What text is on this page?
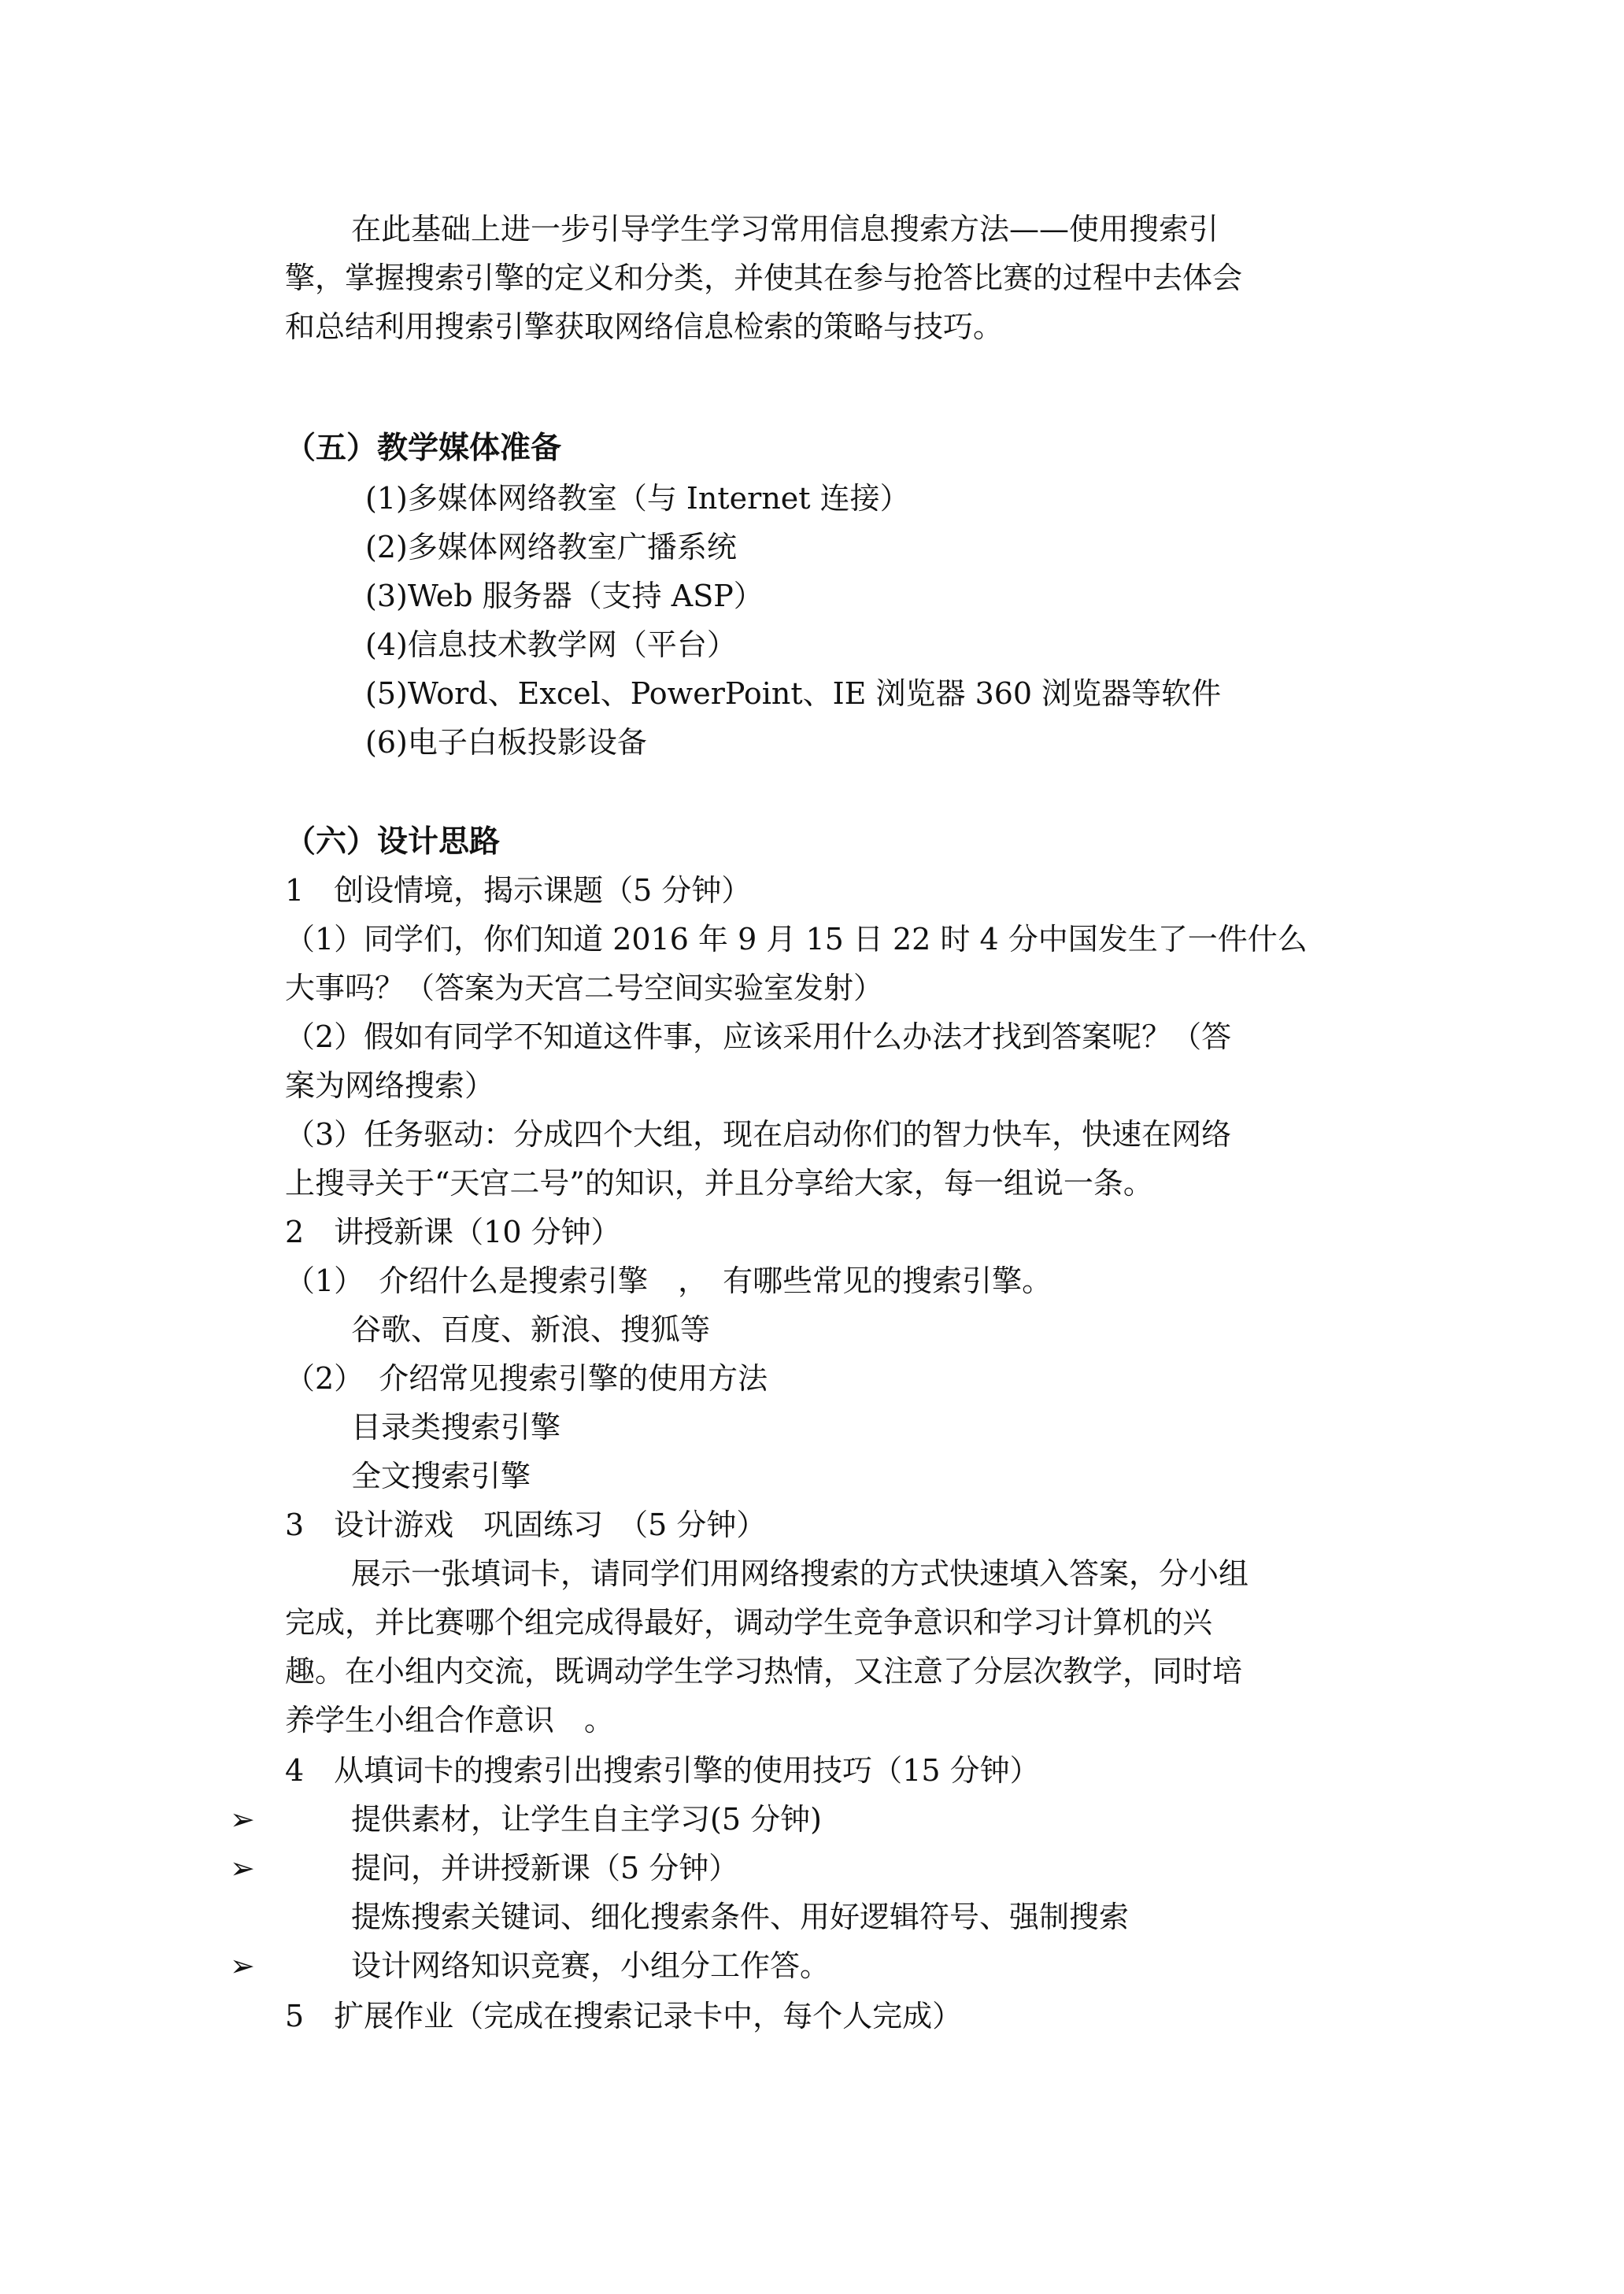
在此基础上进一步引导学生学习常用信息搜索方法——使用搜索引
擎，掌握搜索引擎的定义和分类，并使其在参与抢答比赛的过程中去体会
和总结利用搜索引擎获取网络信息检索的策略与技巧。
（五）教学媒体准备
(1)多媒体网络教室（与 Internet 连接）
(2)多媒体网络教室广播系统
(3)Web 服务器（支持 ASP）
(4)信息技术教学网（平台）
(5)Word、Excel、PowerPoint、IE 浏览器 360 浏览器等软件
(6)电子白板投影设备
（六）设计思路
1　创设情境，揭示课题（5 分钟）
（1）同学们，你们知道 2016 年 9 月 15 日 22 时 4 分中国发生了一件什么
大事吗？（答案为天宫二号空间实验室发射）
（2）假如有同学不知道这件事，应该采用什么办法才找到答案呢？（答
案为网络搜索）
（3）任务驱动：分成四个大组，现在启动你们的智力快车，快速在网络
上搜寻关于“天宫二号”的知识，并且分享给大家，每一组说一条。
2　讲授新课（10 分钟）
（1）　介绍什么是搜索引擎　，　有哪些常见的搜索引擎。
谷歌、百度、新浪、搜狐等
（2）　介绍常见搜索引擎的使用方法
目录类搜索引擎
全文搜索引擎
3　设计游戏　巩固练习　（5 分钟）
展示一张填词卡，请同学们用网络搜索的方式快速填入答案，分小组
完成，并比赛哪个组完成得最好，调动学生竞争意识和学习计算机的兴
趣。在小组内交流，既调动学生学习热情，又注意了分层次教学，同时培
养学生小组合作意识　。
4　从填词卡的搜索引出搜索引擎的使用技巧（15 分钟）
➢	提供素材，让学生自主学习(5 分钟)
➢	提问，并讲授新课（5 分钟）
提炼搜索关键词、细化搜索条件、用好逻辑符号、强制搜索
➢	设计网络知识竞赛，小组分工作答。
5　扩展作业（完成在搜索记录卡中，每个人完成）
